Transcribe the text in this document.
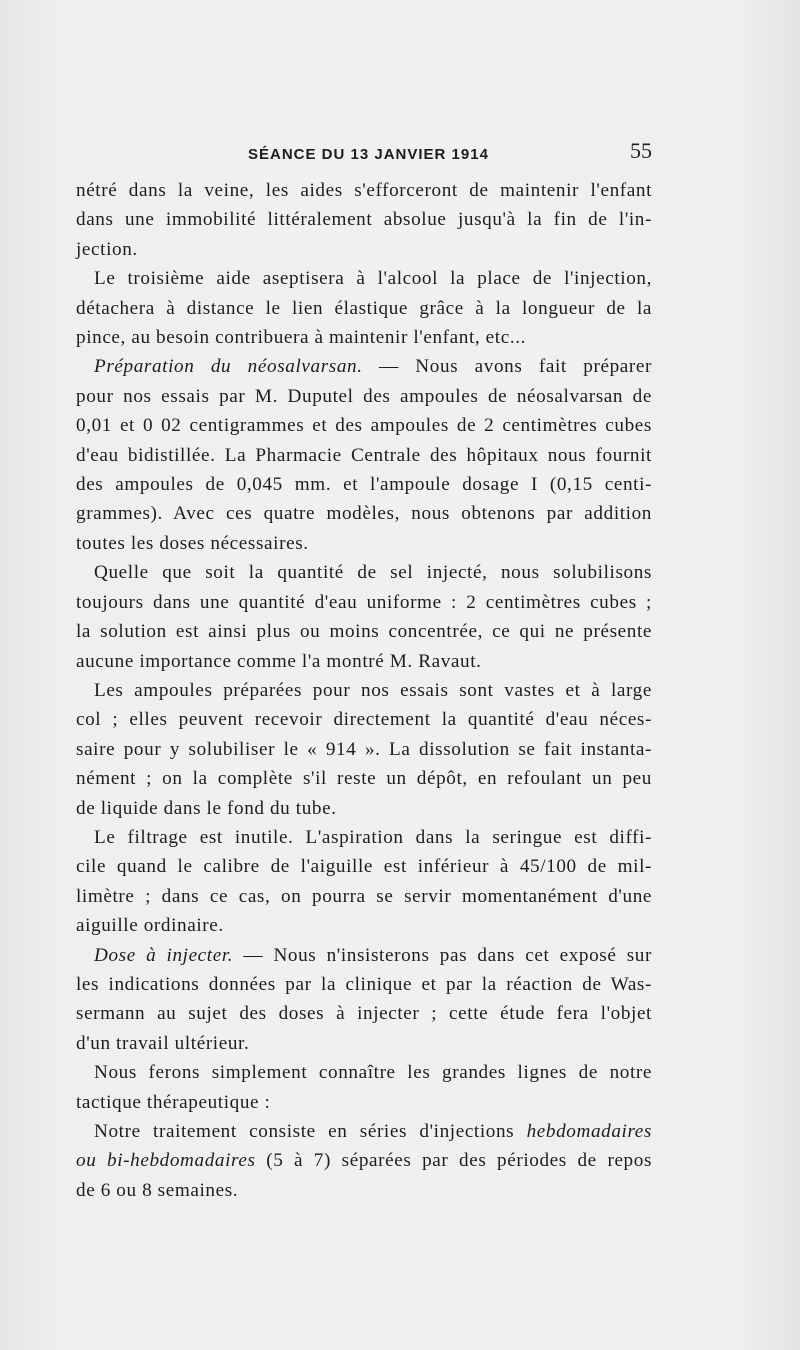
SÉANCE DU 13 JANVIER 1914	55
nétré dans la veine, les aides s'efforceront de maintenir l'enfant
dans une immobilité littéralement absolue jusqu'à la fin de l'in-
jection.
Le troisième aide aseptisera à l'alcool la place de l'injection,
détachera à distance le lien élastique grâce à la longueur de la
pince, au besoin contribuera à maintenir l'enfant, etc...
Préparation du néosalvarsan. — Nous avons fait préparer
pour nos essais par M. Duputel des ampoules de néosalvarsan de
0,01 et 0 02 centigrammes et des ampoules de 2 centimètres cubes
d'eau bidistillée. La Pharmacie Centrale des hôpitaux nous fournit
des ampoules de 0,045 mm. et l'ampoule dosage I (0,15 centi-
grammes). Avec ces quatre modèles, nous obtenons par addition
toutes les doses nécessaires.
Quelle que soit la quantité de sel injecté, nous solubilisons
toujours dans une quantité d'eau uniforme : 2 centimètres cubes ;
la solution est ainsi plus ou moins concentrée, ce qui ne présente
aucune importance comme l'a montré M. Ravaut.
Les ampoules préparées pour nos essais sont vastes et à large
col ; elles peuvent recevoir directement la quantité d'eau néces-
saire pour y solubiliser le « 914 ». La dissolution se fait instanta-
nément ; on la complète s'il reste un dépôt, en refoulant un peu
de liquide dans le fond du tube.
Le filtrage est inutile. L'aspiration dans la seringue est diffi-
cile quand le calibre de l'aiguille est inférieur à 45/100 de mil-
limètre ; dans ce cas, on pourra se servir momentanément d'une
aiguille ordinaire.
Dose à injecter. — Nous n'insisterons pas dans cet exposé sur
les indications données par la clinique et par la réaction de Was-
sermann au sujet des doses à injecter ; cette étude fera l'objet
d'un travail ultérieur.
Nous ferons simplement connaître les grandes lignes de notre
tactique thérapeutique :
Notre traitement consiste en séries d'injections hebdomadaires
ou bi-hebdomadaires (5 à 7) séparées par des périodes de repos
de 6 ou 8 semaines.
